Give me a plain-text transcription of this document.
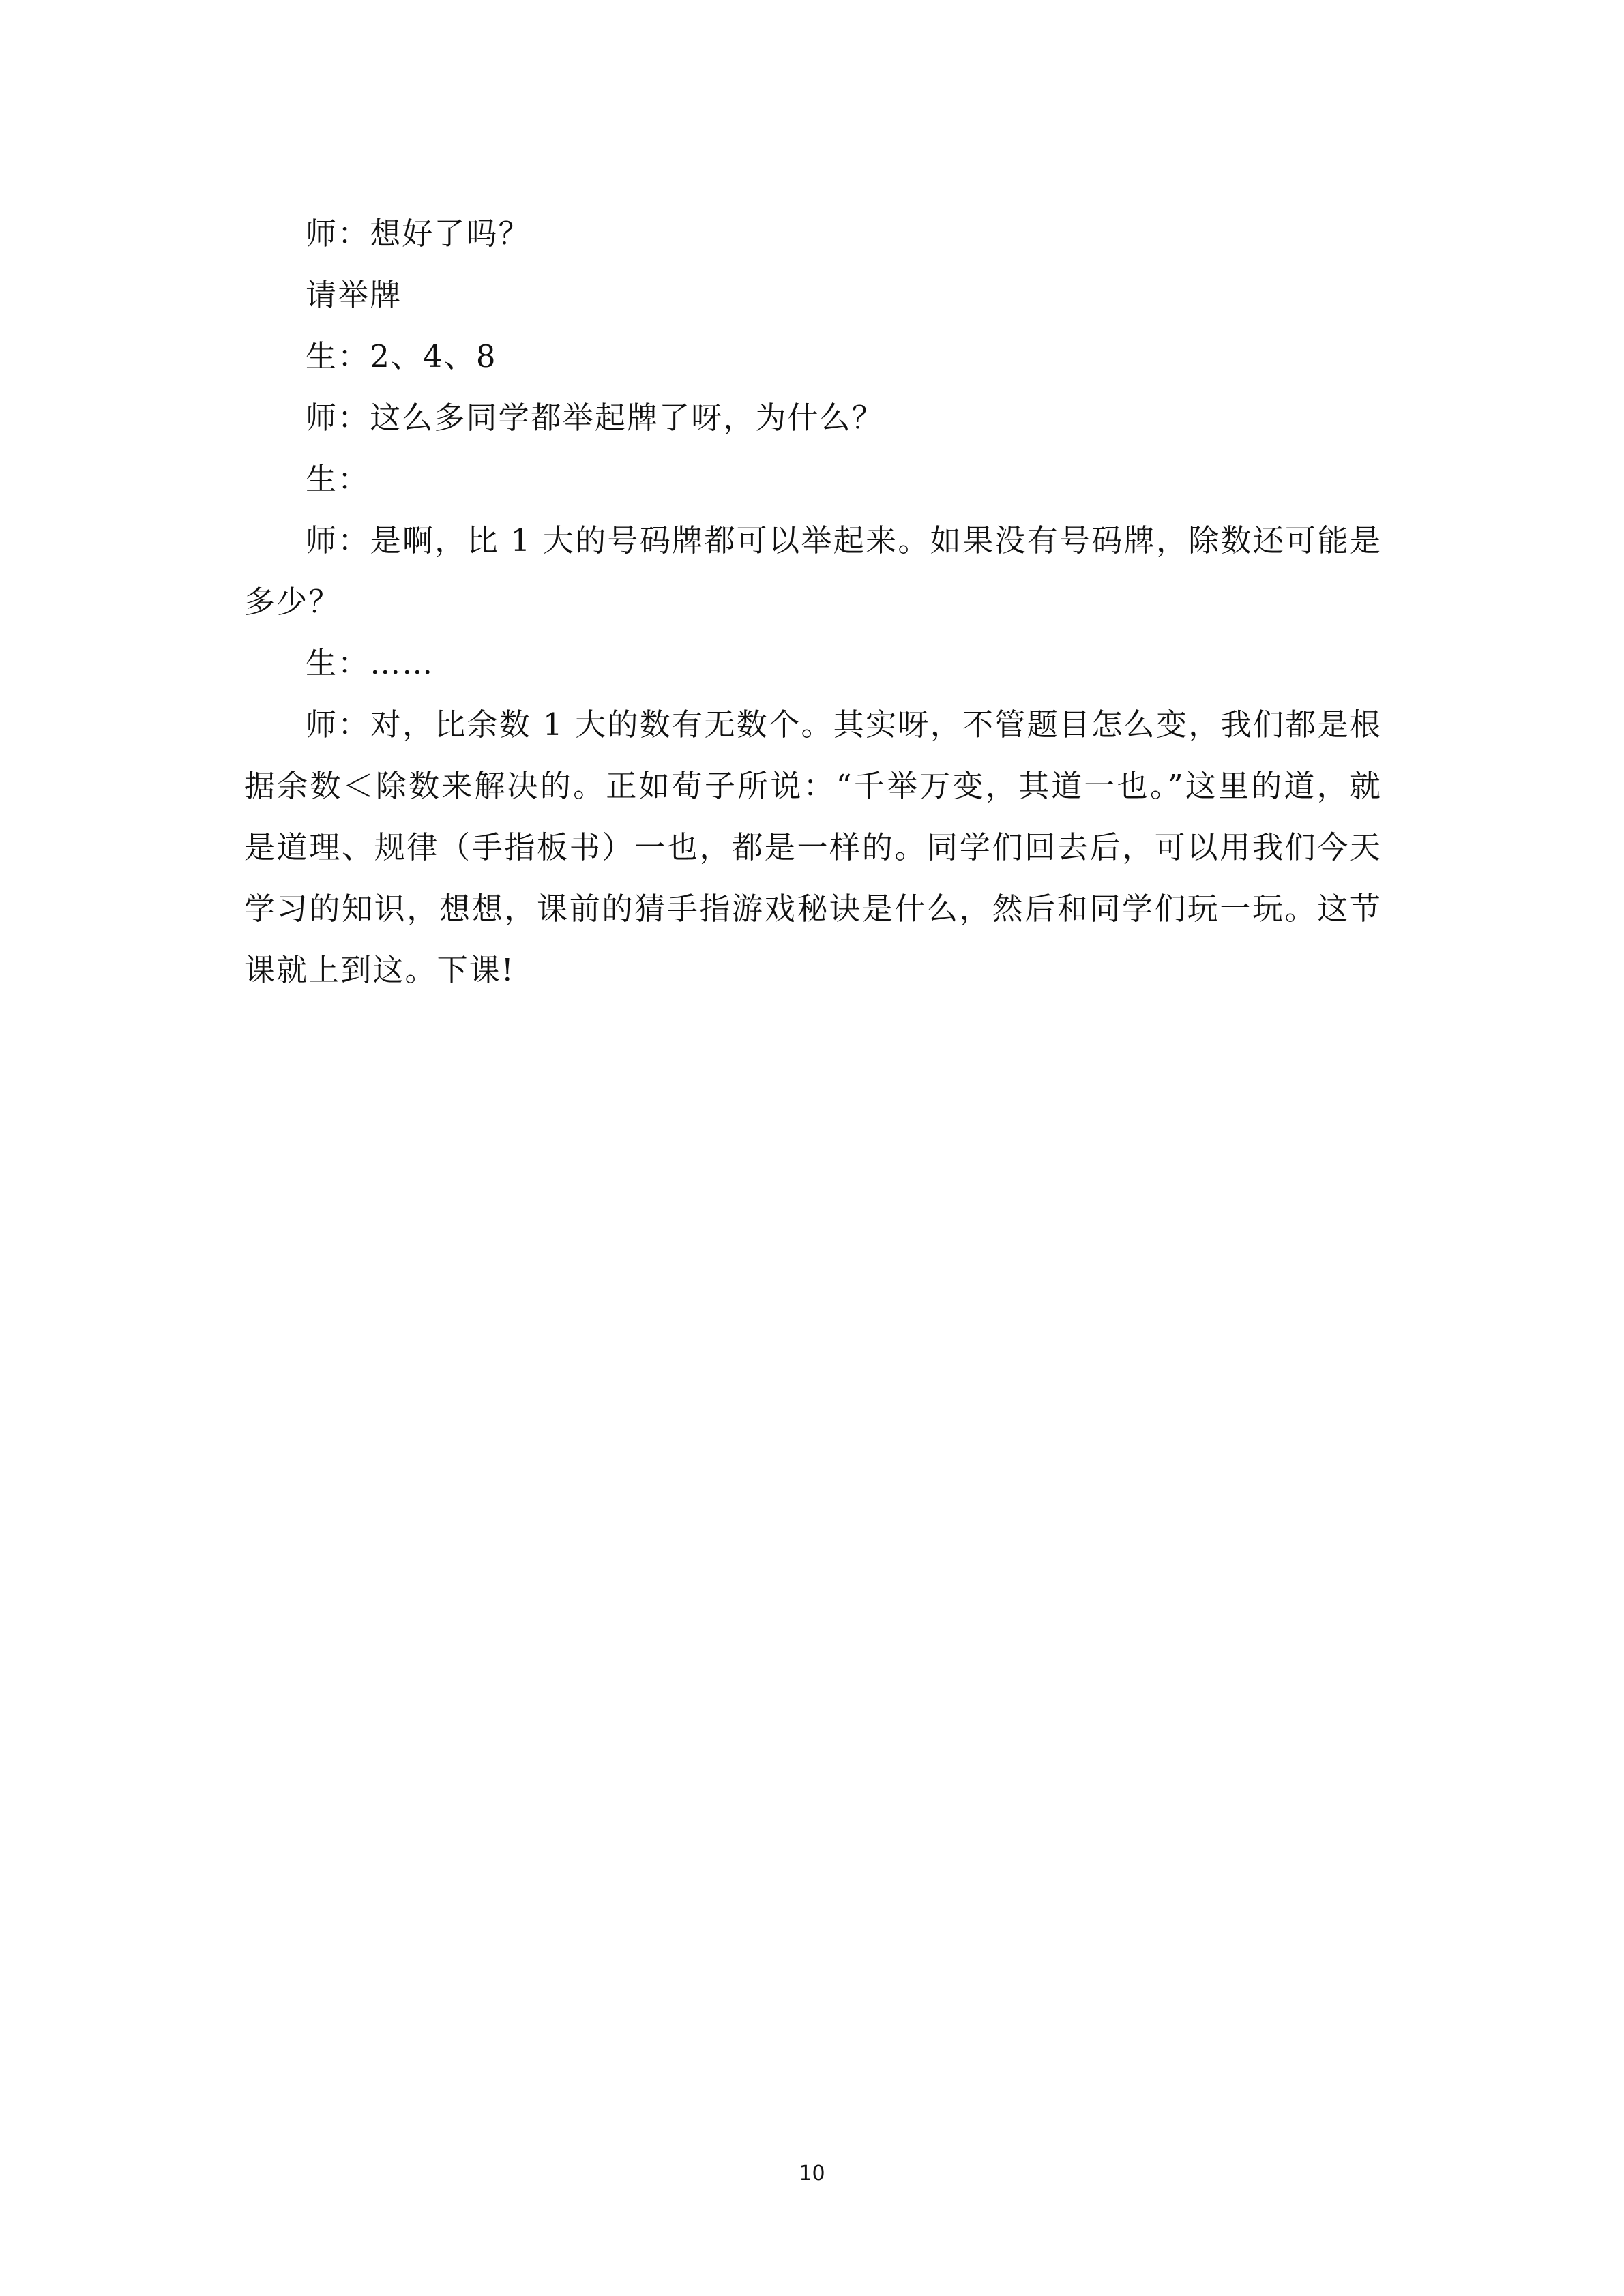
师：想好了吗？

请举牌

生：2、4、8

师：这么多同学都举起牌了呀，为什么？

生：

师：是啊，比 1 大的号码牌都可以举起来。如果没有号码牌，除数还可能是多少？

生：……

师：对，比余数 1 大的数有无数个。其实呀，不管题目怎么变，我们都是根据余数＜除数来解决的。正如荀子所说：“千举万变，其道一也。”这里的道，就是道理、规律（手指板书）一也，都是一样的。同学们回去后，可以用我们今天学习的知识，想想，课前的猜手指游戏秘诀是什么，然后和同学们玩一玩。这节课就上到这。下课!

10
